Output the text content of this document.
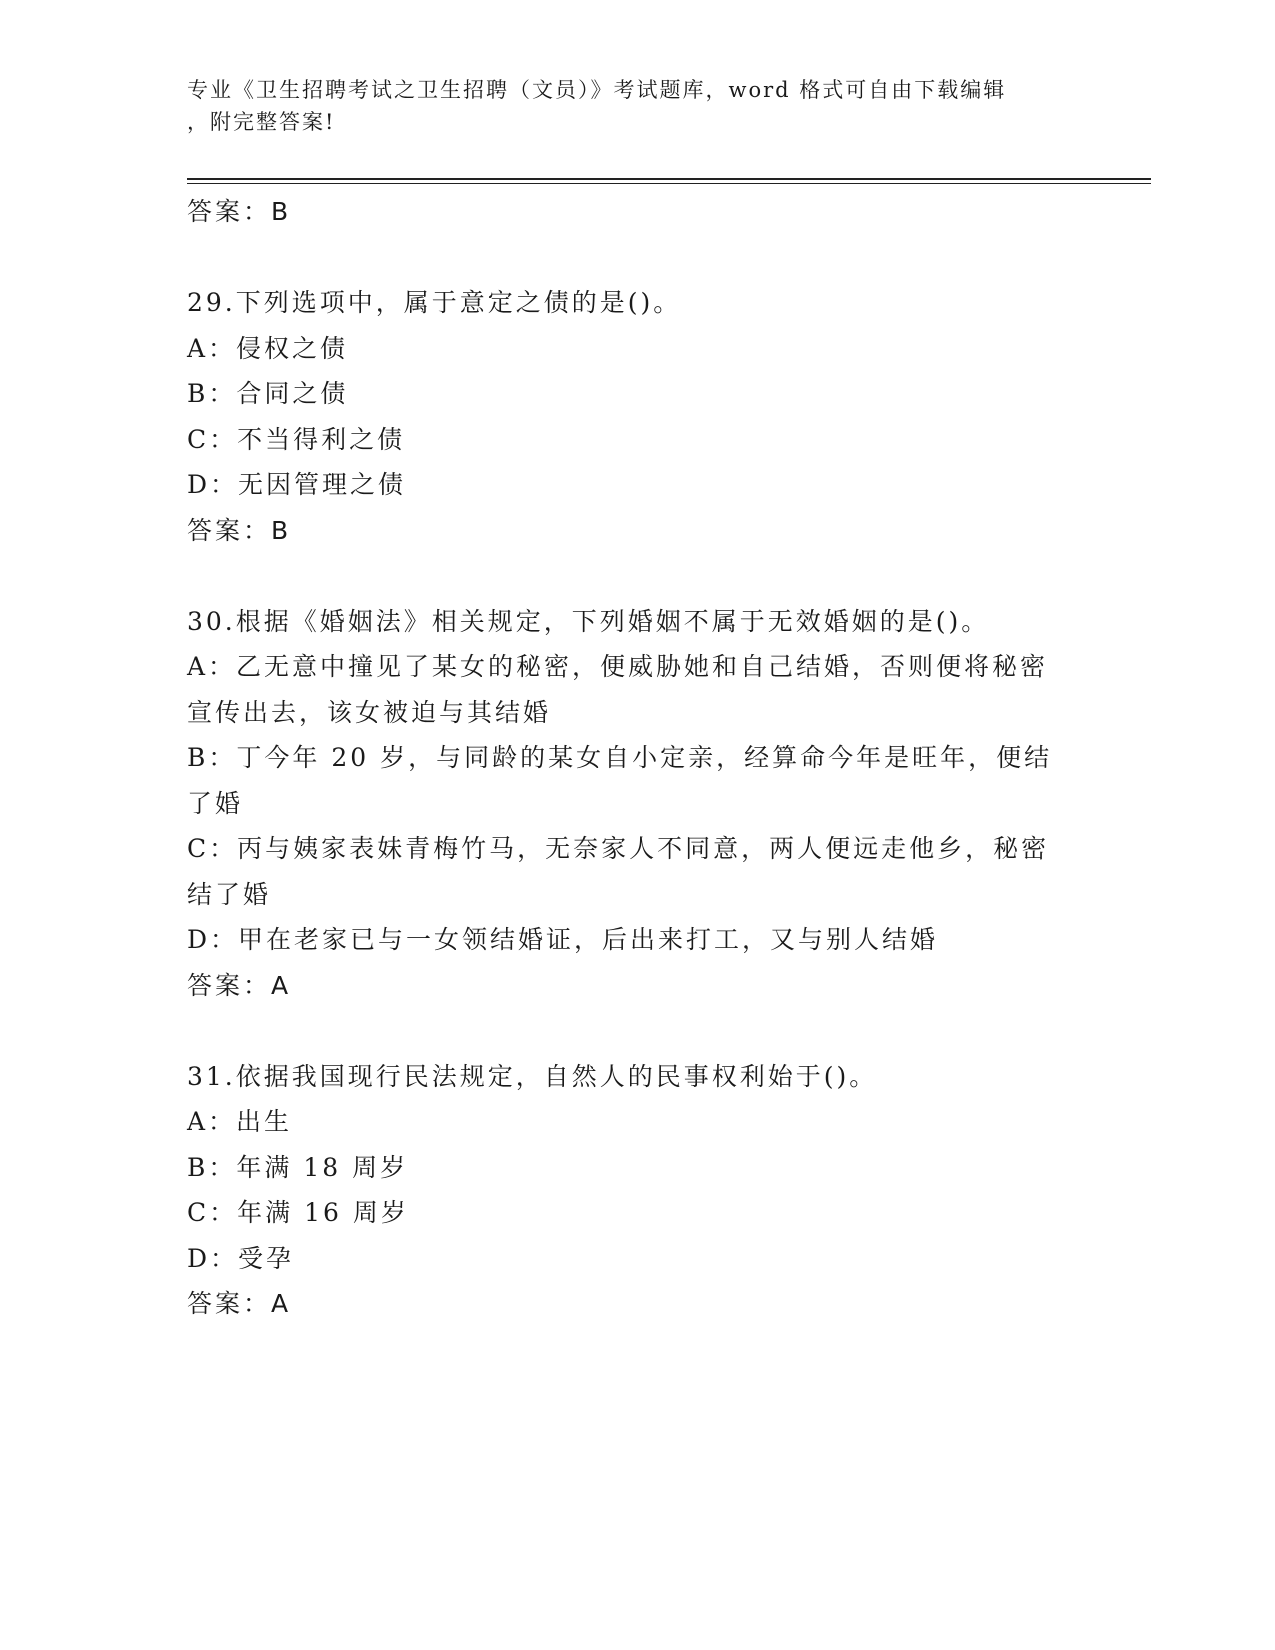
专业《卫生招聘考试之卫生招聘（文员）》考试题库，word 格式可自由下载编辑
，附完整答案!
答案：B
29.下列选项中，属于意定之债的是()。
A：侵权之债
B：合同之债
C：不当得利之债
D：无因管理之债
答案：B
30.根据《婚姻法》相关规定，下列婚姻不属于无效婚姻的是()。
A：乙无意中撞见了某女的秘密，便威胁她和自己结婚，否则便将秘密
宣传出去，该女被迫与其结婚
B：丁今年 20 岁，与同龄的某女自小定亲，经算命今年是旺年，便结
了婚
C：丙与姨家表妹青梅竹马，无奈家人不同意，两人便远走他乡，秘密
结了婚
D：甲在老家已与一女领结婚证，后出来打工，又与别人结婚
答案：A
31.依据我国现行民法规定，自然人的民事权利始于()。
A：出生
B：年满 18 周岁
C：年满 16 周岁
D：受孕
答案：A
